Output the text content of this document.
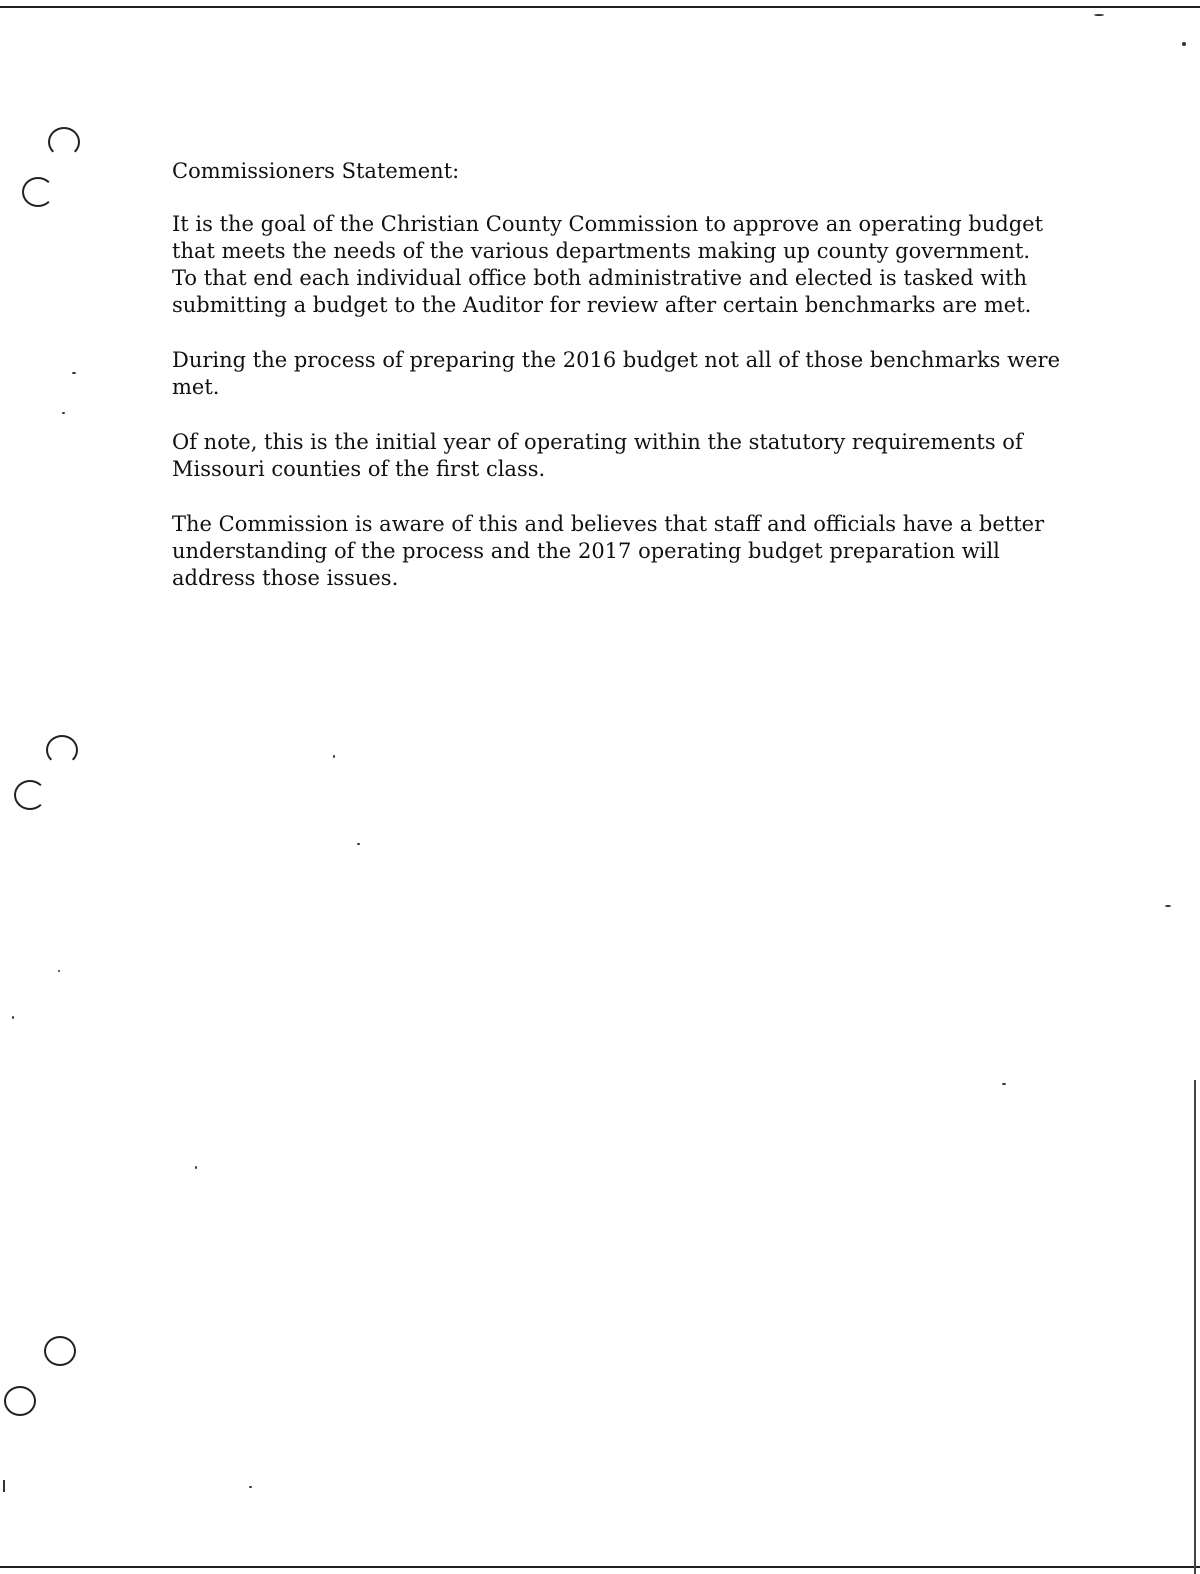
Commissioners Statement:

It is the goal of the Christian County Commission to approve an operating budget
that meets the needs of the various departments making up county government.
To that end each individual office both administrative and elected is tasked with
submitting a budget to the Auditor for review after certain benchmarks are met.

During the process of preparing the 2016 budget not all of those benchmarks were
met.

Of note, this is the initial year of operating within the statutory requirements of
Missouri counties of the first class.

The Commission is aware of this and believes that staff and officials have a better
understanding of the process and the 2017 operating budget preparation will
address those issues.
